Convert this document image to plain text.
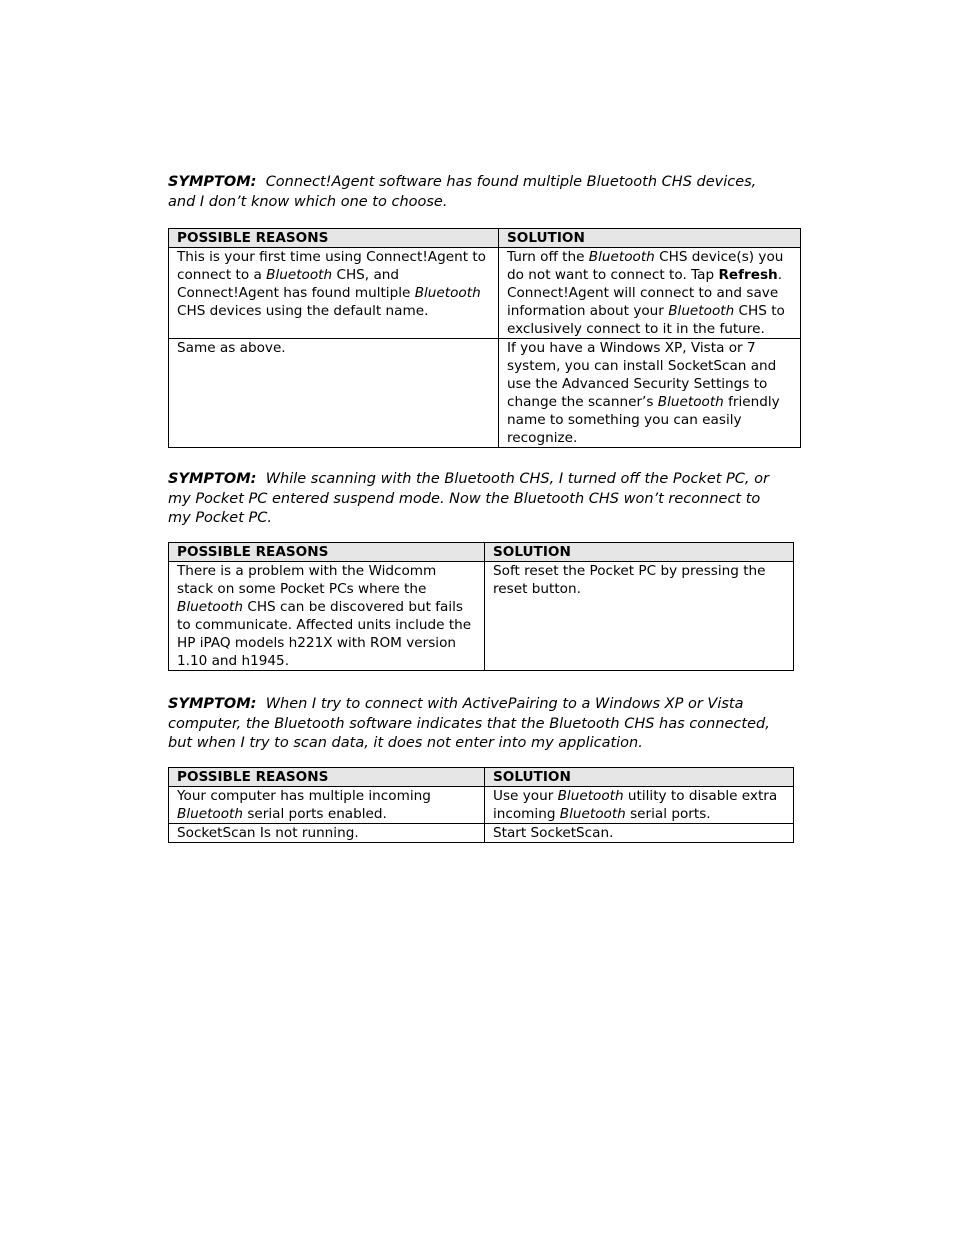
SYMPTOM: Connect!Agent software has found multiple Bluetooth CHS devices, and I don’t know which one to choose.

POSSIBLE REASONS	SOLUTION
This is your first time using Connect!Agent to connect to a Bluetooth CHS, and Connect!Agent has found multiple Bluetooth CHS devices using the default name.	Turn off the Bluetooth CHS device(s) you do not want to connect to. Tap Refresh. Connect!Agent will connect to and save information about your Bluetooth CHS to exclusively connect to it in the future.
Same as above.	If you have a Windows XP, Vista or 7 system, you can install SocketScan and use the Advanced Security Settings to change the scanner’s Bluetooth friendly name to something you can easily recognize.

SYMPTOM: While scanning with the Bluetooth CHS, I turned off the Pocket PC, or my Pocket PC entered suspend mode. Now the Bluetooth CHS won’t reconnect to my Pocket PC.

POSSIBLE REASONS	SOLUTION
There is a problem with the Widcomm stack on some Pocket PCs where the Bluetooth CHS can be discovered but fails to communicate. Affected units include the HP iPAQ models h221X with ROM version 1.10 and h1945.	Soft reset the Pocket PC by pressing the reset button.

SYMPTOM: When I try to connect with ActivePairing to a Windows XP or Vista computer, the Bluetooth software indicates that the Bluetooth CHS has connected, but when I try to scan data, it does not enter into my application.

POSSIBLE REASONS	SOLUTION
Your computer has multiple incoming Bluetooth serial ports enabled.	Use your Bluetooth utility to disable extra incoming Bluetooth serial ports.
SocketScan Is not running.	Start SocketScan.
